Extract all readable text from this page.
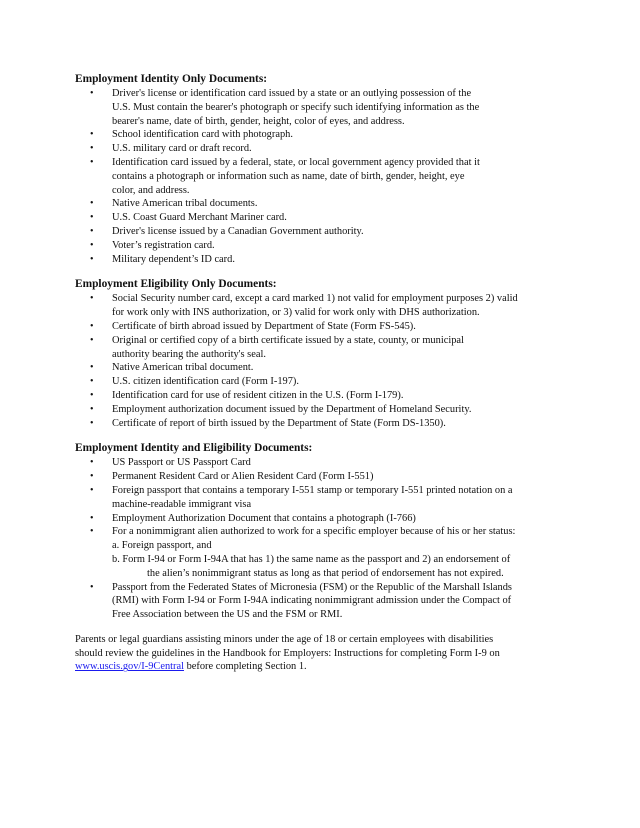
Employment Identity Only Documents:
• Driver's license or identification card issued by a state or an outlying possession of the
U.S. Must contain the bearer's photograph or specify such identifying information as the
bearer's name, date of birth, gender, height, color of eyes, and address.
• School identification card with photograph.
• U.S. military card or draft record.
• Identification card issued by a federal, state, or local government agency provided that it
contains a photograph or information such as name, date of birth, gender, height, eye
color, and address.
• Native American tribal documents.
• U.S. Coast Guard Merchant Mariner card.
• Driver's license issued by a Canadian Government authority.
• Voter’s registration card.
• Military dependent’s ID card.
Employment Eligibility Only Documents:
• Social Security number card, except a card marked 1) not valid for employment purposes 2) valid
for work only with INS authorization, or 3) valid for work only with DHS authorization.
• Certificate of birth abroad issued by Department of State (Form FS-545).
• Original or certified copy of a birth certificate issued by a state, county, or municipal
authority bearing the authority's seal.
• Native American tribal document.
• U.S. citizen identification card (Form I-197).
• Identification card for use of resident citizen in the U.S. (Form I-179).
• Employment authorization document issued by the Department of Homeland Security.
• Certificate of report of birth issued by the Department of State (Form DS-1350).
Employment Identity and Eligibility Documents:
• US Passport or US Passport Card
• Permanent Resident Card or Alien Resident Card (Form I-551)
• Foreign passport that contains a temporary I-551 stamp or temporary I-551 printed notation on a
machine-readable immigrant visa
• Employment Authorization Document that contains a photograph (I-766)
• For a nonimmigrant alien authorized to work for a specific employer because of his or her status:
a. Foreign passport, and
b. Form I-94 or Form I-94A that has 1) the same name as the passport and 2) an endorsement of
the alien’s nonimmigrant status as long as that period of endorsement has not expired.
• Passport from the Federated States of Micronesia (FSM) or the Republic of the Marshall Islands
(RMI) with Form I-94 or Form I-94A indicating nonimmigrant admission under the Compact of
Free Association between the US and the FSM or RMI.
Parents or legal guardians assisting minors under the age of 18 or certain employees with disabilities
should review the guidelines in the Handbook for Employers: Instructions for completing Form I-9 on
www.uscis.gov/I-9Central before completing Section 1.
